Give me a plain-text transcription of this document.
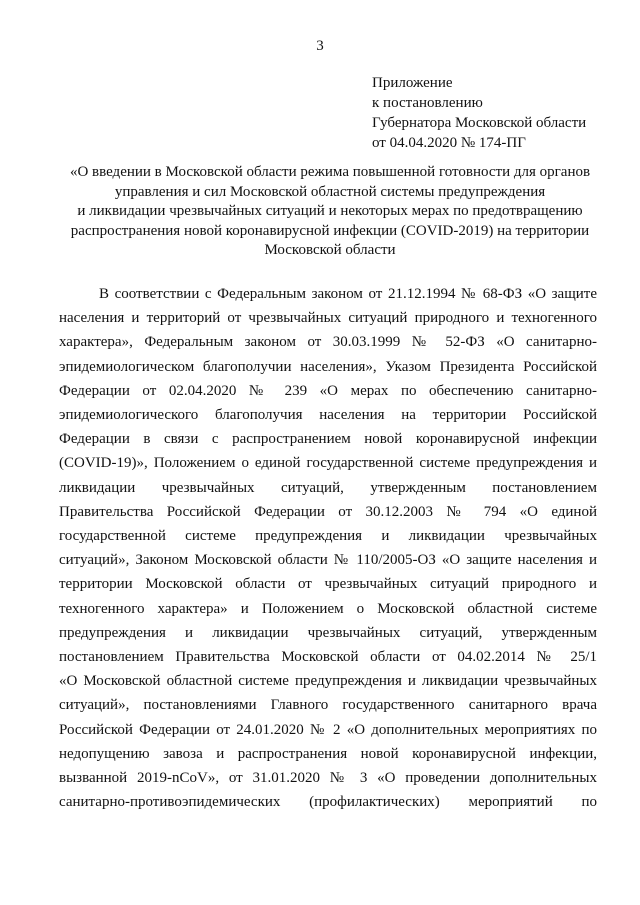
3
Приложение
к постановлению
Губернатора Московской области
от 04.04.2020 № 174-ПГ
«О введении в Московской области режима повышенной готовности для органов
управления и сил Московской областной системы предупреждения
и ликвидации чрезвычайных ситуаций и некоторых мерах по предотвращению
распространения новой коронавирусной инфекции (COVID-2019) на территории
Московской области
В соответствии с Федеральным законом от 21.12.1994 № 68-ФЗ «О защите
населения и территорий от чрезвычайных ситуаций природного и техногенного
характера», Федеральным законом от 30.03.1999 № 52-ФЗ «О санитарно-
эпидемиологическом благополучии населения», Указом Президента Российской
Федерации от 02.04.2020 № 239 «О мерах по обеспечению санитарно-
эпидемиологического благополучия населения на территории Российской
Федерации в связи с распространением новой коронавирусной инфекции
(COVID-19)», Положением о единой государственной системе предупреждения и
ликвидации чрезвычайных ситуаций, утвержденным постановлением
Правительства Российской Федерации от 30.12.2003 № 794 «О единой
государственной системе предупреждения и ликвидации чрезвычайных
ситуаций», Законом Московской области № 110/2005-ОЗ «О защите населения и
территории Московской области от чрезвычайных ситуаций природного и
техногенного характера» и Положением о Московской областной системе
предупреждения и ликвидации чрезвычайных ситуаций, утвержденным
постановлением Правительства Московской области от 04.02.2014 № 25/1
«О Московской областной системе предупреждения и ликвидации чрезвычайных
ситуаций», постановлениями Главного государственного санитарного врача
Российской Федерации от 24.01.2020 № 2 «О дополнительных мероприятиях по
недопущению завоза и распространения новой коронавирусной инфекции,
вызванной 2019-nCoV», от 31.01.2020 № 3 «О проведении дополнительных
санитарно-противоэпидемических (профилактических) мероприятий по
